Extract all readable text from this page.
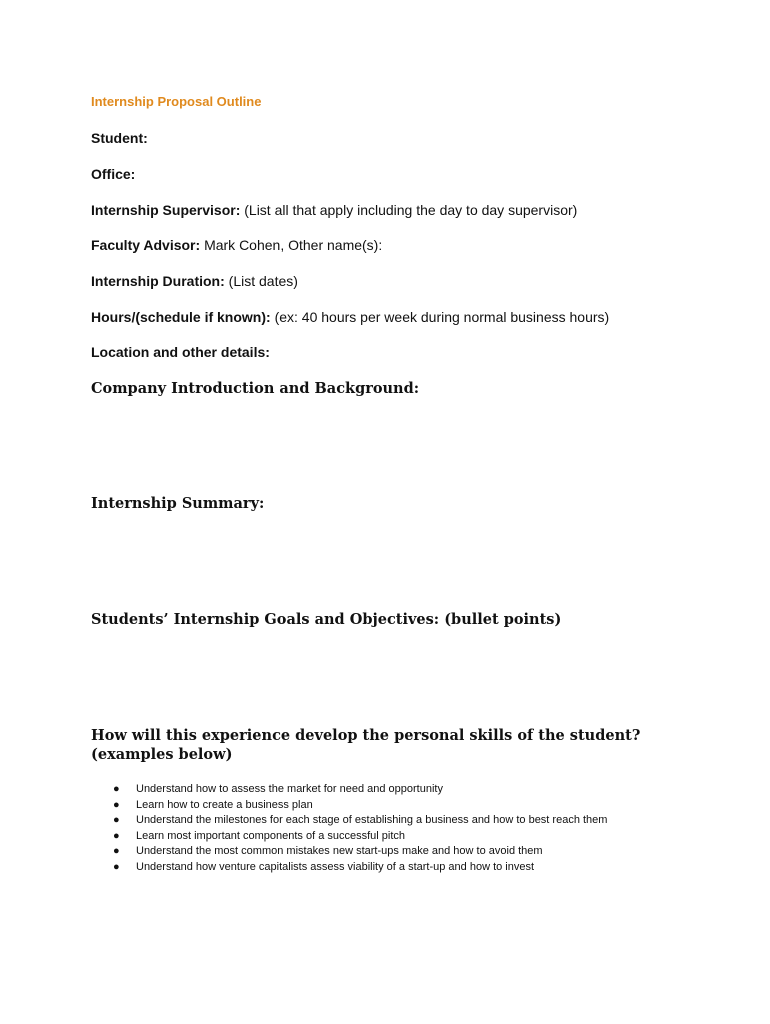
Internship Proposal Outline
Student:
Office:
Internship Supervisor: (List all that apply including the day to day supervisor)
Faculty Advisor: Mark Cohen, Other name(s):
Internship Duration: (List dates)
Hours/(schedule if known): (ex: 40 hours per week during normal business hours)
Location and other details:
Company Introduction and Background:
Internship Summary:
Students’ Internship Goals and Objectives: (bullet points)
How will this experience develop the personal skills of the student?
(examples below)
● Understand how to assess the market for need and opportunity
● Learn how to create a business plan
● Understand the milestones for each stage of establishing a business and how to best reach them
● Learn most important components of a successful pitch
● Understand the most common mistakes new start-ups make and how to avoid them
● Understand how venture capitalists assess viability of a start-up and how to invest
